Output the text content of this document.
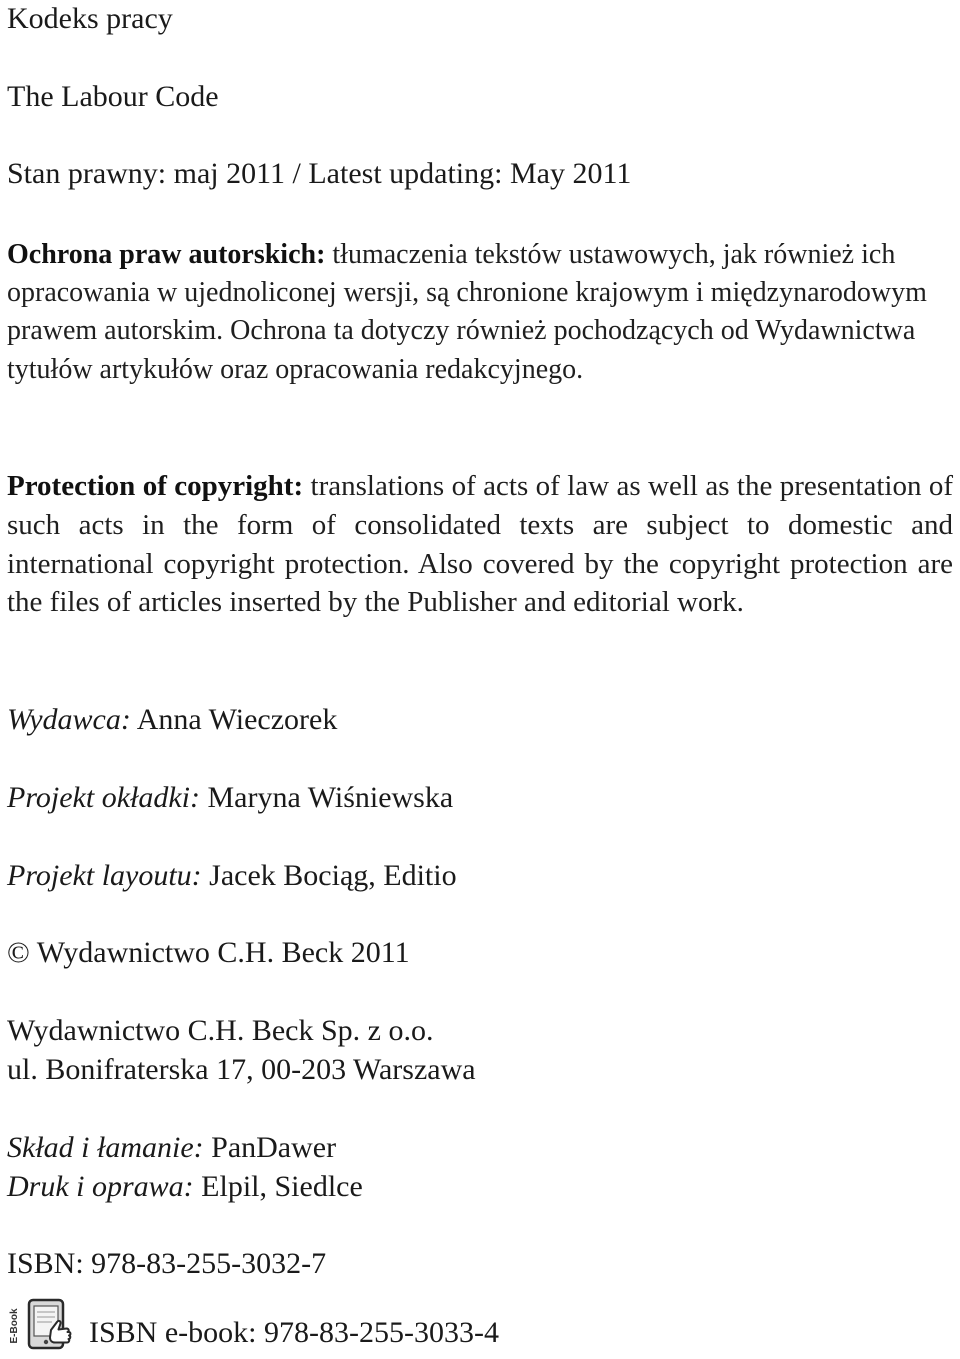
Kodeks pracy

The Labour Code

Stan prawny: maj 2011 / Latest updating: May 2011

Ochrona praw autorskich: tłumaczenia tekstów ustawowych, jak również ich opracowania w ujednoliconej wersji, są chronione krajowym i międzynarodowym prawem autorskim. Ochrona ta dotyczy również pochodzących od Wydawnictwa tytułów artykułów oraz opracowania redakcyjnego.

Protection of copyright: translations of acts of law as well as the presentation of such acts in the form of consolidated texts are subject to domestic and international copyright protection. Also covered by the copyright protection are the files of articles inserted by the Publisher and editorial work.

Wydawca: Anna Wieczorek

Projekt okładki: Maryna Wiśniewska

Projekt layoutu: Jacek Bociąg, Editio

© Wydawnictwo C.H. Beck 2011

Wydawnictwo C.H. Beck Sp. z o.o.

ul. Bonifraterska 17, 00-203 Warszawa

Skład i łamanie: PanDawer

Druk i oprawa: Elpil, Siedlce

ISBN: 978-83-255-3032-7

E-Book ISBN e-book: 978-83-255-3033-4
